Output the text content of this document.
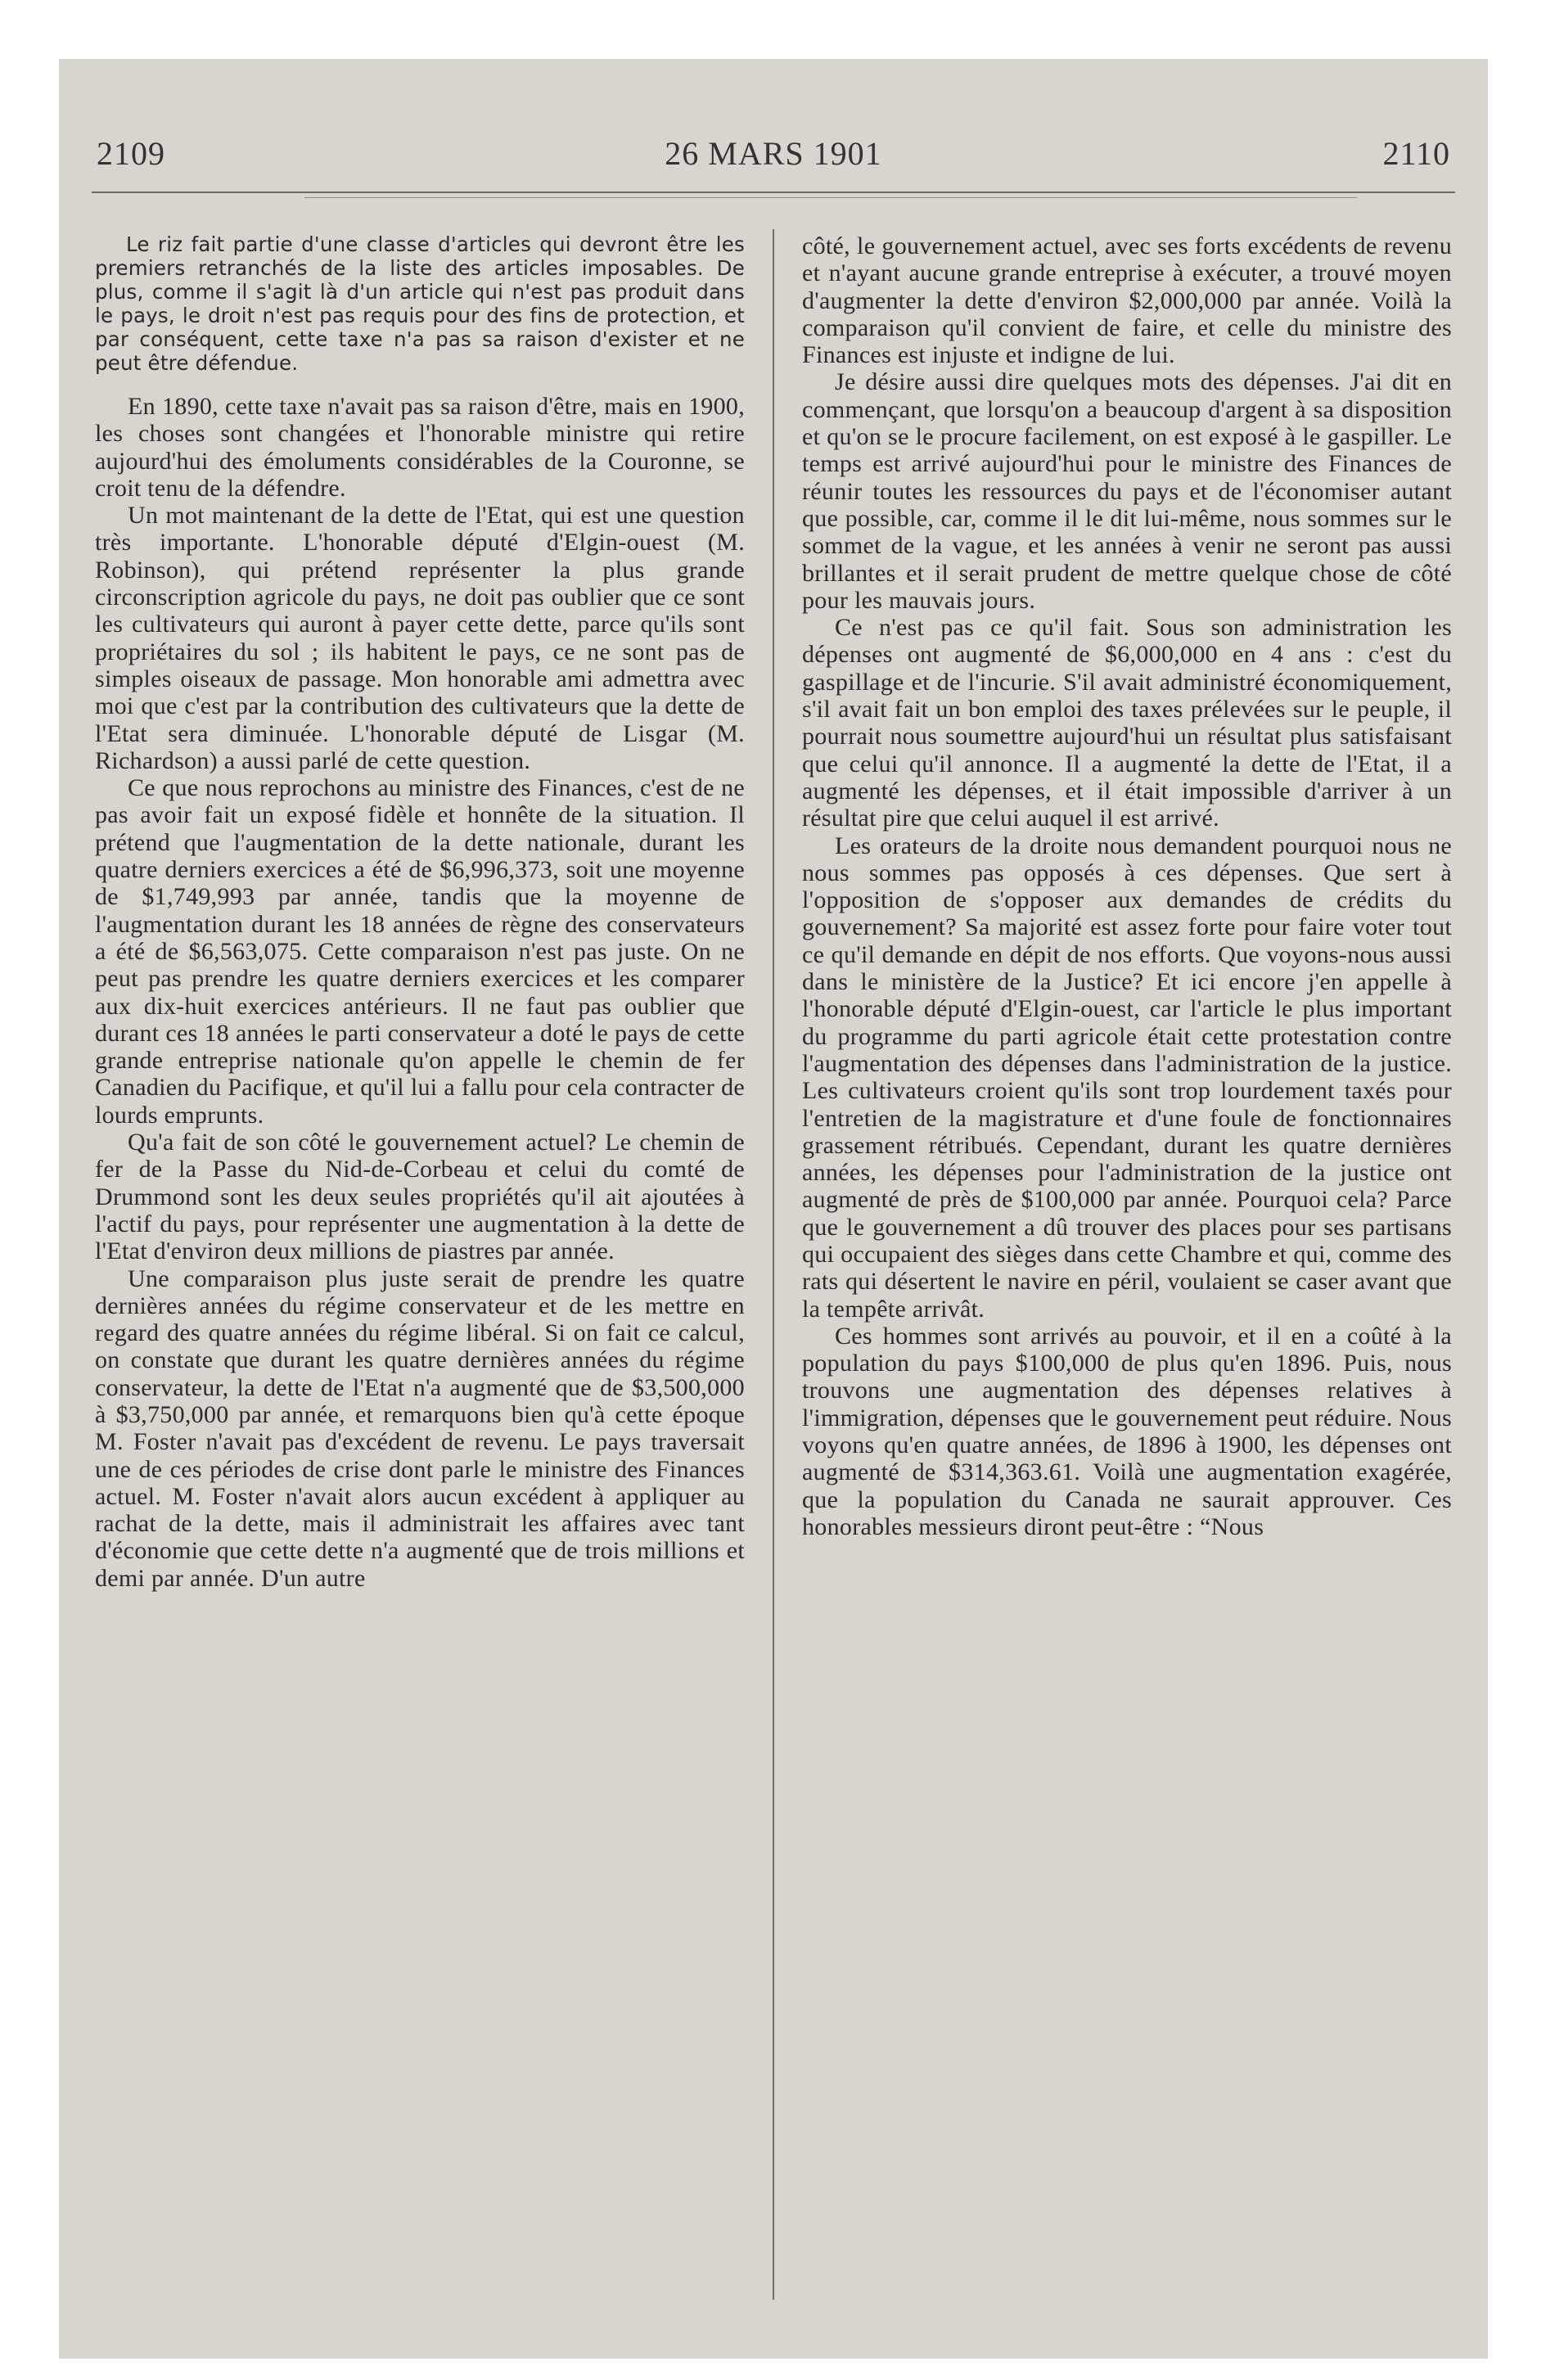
2109	26 MARS 1901	2110

Le riz fait partie d'une classe d'articles qui devront être les premiers retranchés de la liste des articles imposables. De plus, comme il s'agit là d'un article qui n'est pas produit dans le pays, le droit n'est pas requis pour des fins de protection, et par conséquent, cette taxe n'a pas sa raison d'exister et ne peut être défendue.

En 1890, cette taxe n'avait pas sa raison d'être, mais en 1900, les choses sont changées et l'honorable ministre qui retire aujourd'hui des émoluments considérables de la Couronne, se croit tenu de la défendre.

Un mot maintenant de la dette de l'Etat, qui est une question très importante. L'honorable député d'Elgin-ouest (M. Robinson), qui prétend représenter la plus grande circonscription agricole du pays, ne doit pas oublier que ce sont les cultivateurs qui auront à payer cette dette, parce qu'ils sont propriétaires du sol ; ils habitent le pays, ce ne sont pas de simples oiseaux de passage. Mon honorable ami admettra avec moi que c'est par la contribution des cultivateurs que la dette de l'Etat sera diminuée. L'honorable député de Lisgar (M. Richardson) a aussi parlé de cette question.

Ce que nous reprochons au ministre des Finances, c'est de ne pas avoir fait un exposé fidèle et honnête de la situation. Il prétend que l'augmentation de la dette nationale, durant les quatre derniers exercices a été de $6,996,373, soit une moyenne de $1,749,993 par année, tandis que la moyenne de l'augmentation durant les 18 années de règne des conservateurs a été de $6,563,075. Cette comparaison n'est pas juste. On ne peut pas prendre les quatre derniers exercices et les comparer aux dix-huit exercices antérieurs. Il ne faut pas oublier que durant ces 18 années le parti conservateur a doté le pays de cette grande entreprise nationale qu'on appelle le chemin de fer Canadien du Pacifique, et qu'il lui a fallu pour cela contracter de lourds emprunts.

Qu'a fait de son côté le gouvernement actuel? Le chemin de fer de la Passe du Nid-de-Corbeau et celui du comté de Drummond sont les deux seules propriétés qu'il ait ajoutées à l'actif du pays, pour représenter une augmentation à la dette de l'Etat d'environ deux millions de piastres par année.

Une comparaison plus juste serait de prendre les quatre dernières années du régime conservateur et de les mettre en regard des quatre années du régime libéral. Si on fait ce calcul, on constate que durant les quatre dernières années du régime conservateur, la dette de l'Etat n'a augmenté que de $3,500,000 à $3,750,000 par année, et remarquons bien qu'à cette époque M. Foster n'avait pas d'excédent de revenu. Le pays traversait une de ces périodes de crise dont parle le ministre des Finances actuel. M. Foster n'avait alors aucun excédent à appliquer au rachat de la dette, mais il administrait les affaires avec tant d'économie que cette dette n'a augmenté que de trois millions et demi par année. D'un autre

côté, le gouvernement actuel, avec ses forts excédents de revenu et n'ayant aucune grande entreprise à exécuter, a trouvé moyen d'augmenter la dette d'environ $2,000,000 par année. Voilà la comparaison qu'il convient de faire, et celle du ministre des Finances est injuste et indigne de lui.

Je désire aussi dire quelques mots des dépenses. J'ai dit en commençant, que lorsqu'on a beaucoup d'argent à sa disposition et qu'on se le procure facilement, on est exposé à le gaspiller. Le temps est arrivé aujourd'hui pour le ministre des Finances de réunir toutes les ressources du pays et de l'économiser autant que possible, car, comme il le dit lui-même, nous sommes sur le sommet de la vague, et les années à venir ne seront pas aussi brillantes et il serait prudent de mettre quelque chose de côté pour les mauvais jours.

Ce n'est pas ce qu'il fait. Sous son administration les dépenses ont augmenté de $6,000,000 en 4 ans : c'est du gaspillage et de l'incurie. S'il avait administré économiquement, s'il avait fait un bon emploi des taxes prélevées sur le peuple, il pourrait nous soumettre aujourd'hui un résultat plus satisfaisant que celui qu'il annonce. Il a augmenté la dette de l'Etat, il a augmenté les dépenses, et il était impossible d'arriver à un résultat pire que celui auquel il est arrivé.

Les orateurs de la droite nous demandent pourquoi nous ne nous sommes pas opposés à ces dépenses. Que sert à l'opposition de s'opposer aux demandes de crédits du gouvernement? Sa majorité est assez forte pour faire voter tout ce qu'il demande en dépit de nos efforts. Que voyons-nous aussi dans le ministère de la Justice? Et ici encore j'en appelle à l'honorable député d'Elgin-ouest, car l'article le plus important du programme du parti agricole était cette protestation contre l'augmentation des dépenses dans l'administration de la justice. Les cultivateurs croient qu'ils sont trop lourdement taxés pour l'entretien de la magistrature et d'une foule de fonctionnaires grassement rétribués. Cependant, durant les quatre dernières années, les dépenses pour l'administration de la justice ont augmenté de près de $100,000 par année. Pourquoi cela? Parce que le gouvernement a dû trouver des places pour ses partisans qui occupaient des sièges dans cette Chambre et qui, comme des rats qui désertent le navire en péril, voulaient se caser avant que la tempête arrivât.

Ces hommes sont arrivés au pouvoir, et il en a coûté à la population du pays $100,000 de plus qu'en 1896. Puis, nous trouvons une augmentation des dépenses relatives à l'immigration, dépenses que le gouvernement peut réduire. Nous voyons qu'en quatre années, de 1896 à 1900, les dépenses ont augmenté de $314,363.61. Voilà une augmentation exagérée, que la population du Canada ne saurait approuver. Ces honorables messieurs diront peut-être : “Nous
